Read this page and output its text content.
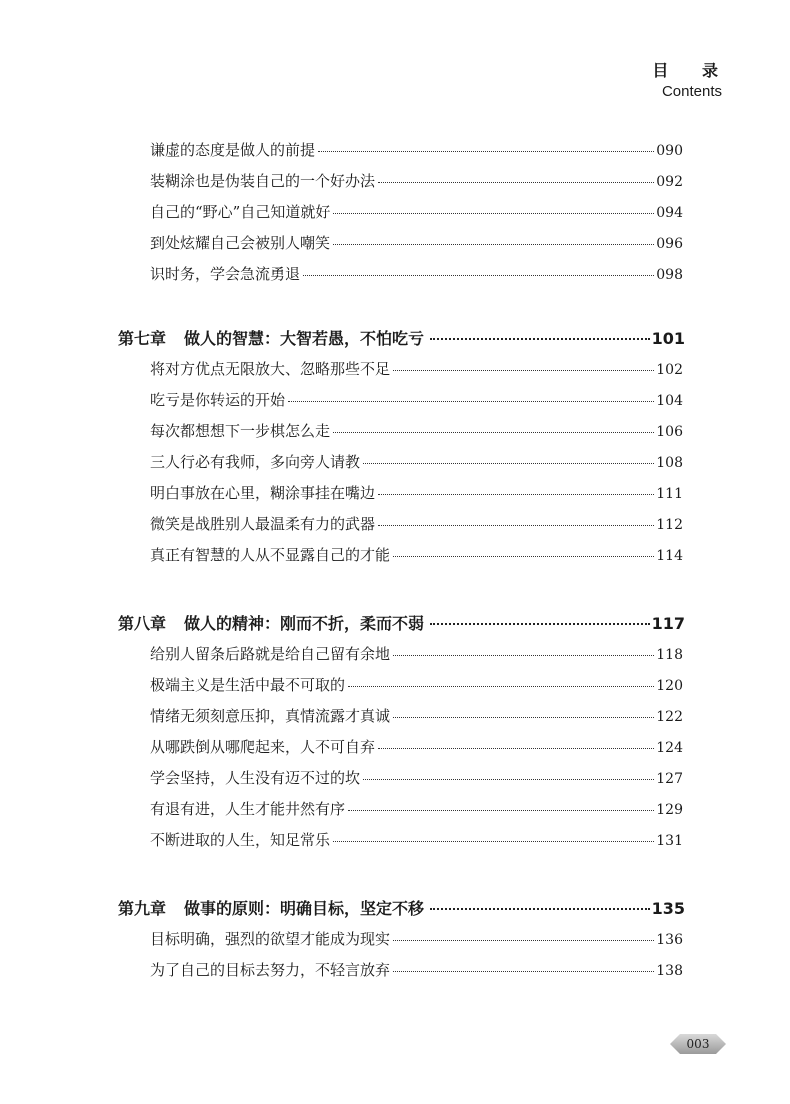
目 录
Contents
谦虚的态度是做人的前提	090
装糊涂也是伪装自己的一个好办法	092
自己的“野心”自己知道就好	094
到处炫耀自己会被别人嘲笑	096
识时务，学会急流勇退	098
第七章 做人的智慧：大智若愚，不怕吃亏	101
将对方优点无限放大、忽略那些不足	102
吃亏是你转运的开始	104
每次都想想下一步棋怎么走	106
三人行必有我师，多向旁人请教	108
明白事放在心里，糊涂事挂在嘴边	111
微笑是战胜别人最温柔有力的武器	112
真正有智慧的人从不显露自己的才能	114
第八章 做人的精神：刚而不折，柔而不弱	117
给别人留条后路就是给自己留有余地	118
极端主义是生活中最不可取的	120
情绪无须刻意压抑，真情流露才真诚	122
从哪跌倒从哪爬起来，人不可自弃	124
学会坚持，人生没有迈不过的坎	127
有退有进，人生才能井然有序	129
不断进取的人生，知足常乐	131
第九章 做事的原则：明确目标，坚定不移	135
目标明确，强烈的欲望才能成为现实	136
为了自己的目标去努力，不轻言放弃	138
003
